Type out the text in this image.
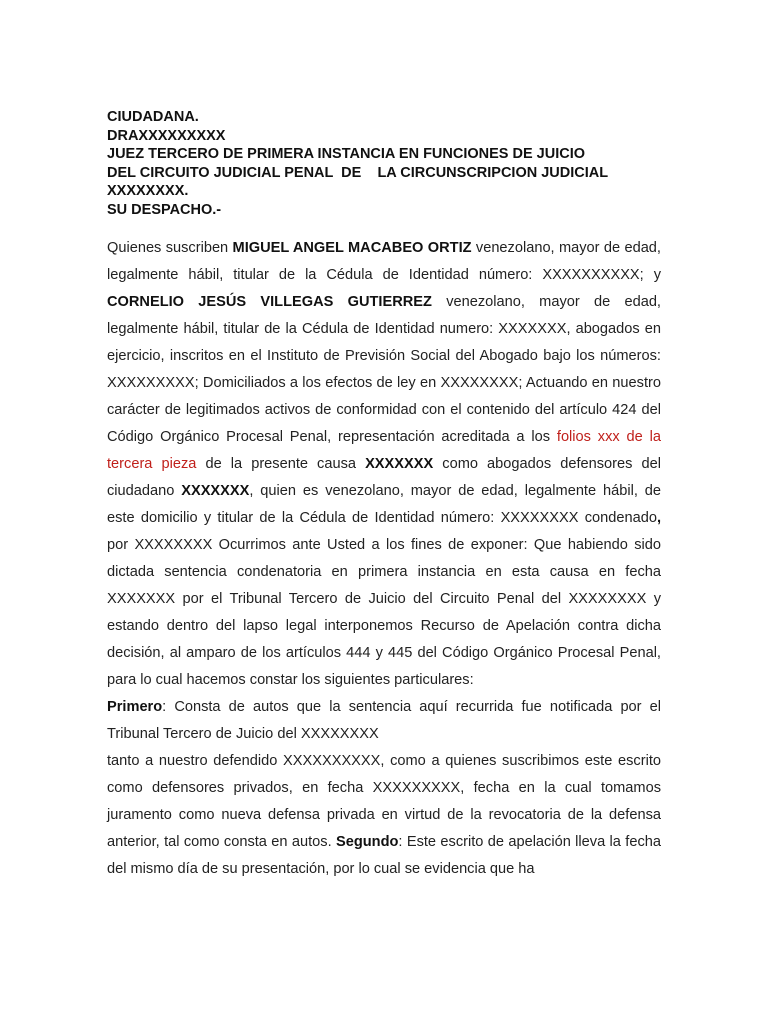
CIUDADANA.
DRAXXXXXXXXX
JUEZ TERCERO DE PRIMERA INSTANCIA EN FUNCIONES DE JUICIO
DEL CIRCUITO JUDICIAL PENAL  DE    LA CIRCUNSCRIPCION JUDICIAL
XXXXXXXX.
SU DESPACHO.-

Quienes suscriben MIGUEL ANGEL MACABEO ORTIZ venezolano, mayor de edad, legalmente hábil, titular de la Cédula de Identidad número: XXXXXXXXXX; y CORNELIO JESÚS VILLEGAS GUTIERREZ venezolano, mayor de edad, legalmente hábil, titular de la Cédula de Identidad numero: XXXXXXX, abogados en ejercicio, inscritos en el Instituto de Previsión Social del Abogado bajo los números: XXXXXXXXX; Domiciliados a los efectos de ley en XXXXXXXX; Actuando en nuestro carácter de legitimados activos de conformidad con el contenido del artículo 424 del Código Orgánico Procesal Penal, representación acreditada a los folios xxx de la tercera pieza de la presente causa XXXXXXX como abogados defensores del ciudadano XXXXXXX, quien es venezolano, mayor de edad, legalmente hábil, de este domicilio y titular de la Cédula de Identidad número: XXXXXXXX condenado, por XXXXXXXX Ocurrimos ante Usted a los fines de exponer: Que habiendo sido dictada sentencia condenatoria en primera instancia en esta causa en fecha XXXXXXX por el Tribunal Tercero de Juicio del Circuito Penal del XXXXXXXX y estando dentro del lapso legal interponemos Recurso de Apelación contra dicha decisión, al amparo de los artículos 444 y 445 del Código Orgánico Procesal Penal, para lo cual hacemos constar los siguientes particulares:

Primero: Consta de autos que la sentencia aquí recurrida fue notificada por el Tribunal Tercero de Juicio del XXXXXXXX

tanto a nuestro defendido XXXXXXXXXX, como a quienes suscribimos este escrito como defensores privados, en fecha XXXXXXXXX, fecha en la cual tomamos juramento como nueva defensa privada en virtud de la revocatoria de la defensa anterior, tal como consta en autos. Segundo: Este escrito de apelación lleva la fecha del mismo día de su presentación, por lo cual se evidencia que ha
